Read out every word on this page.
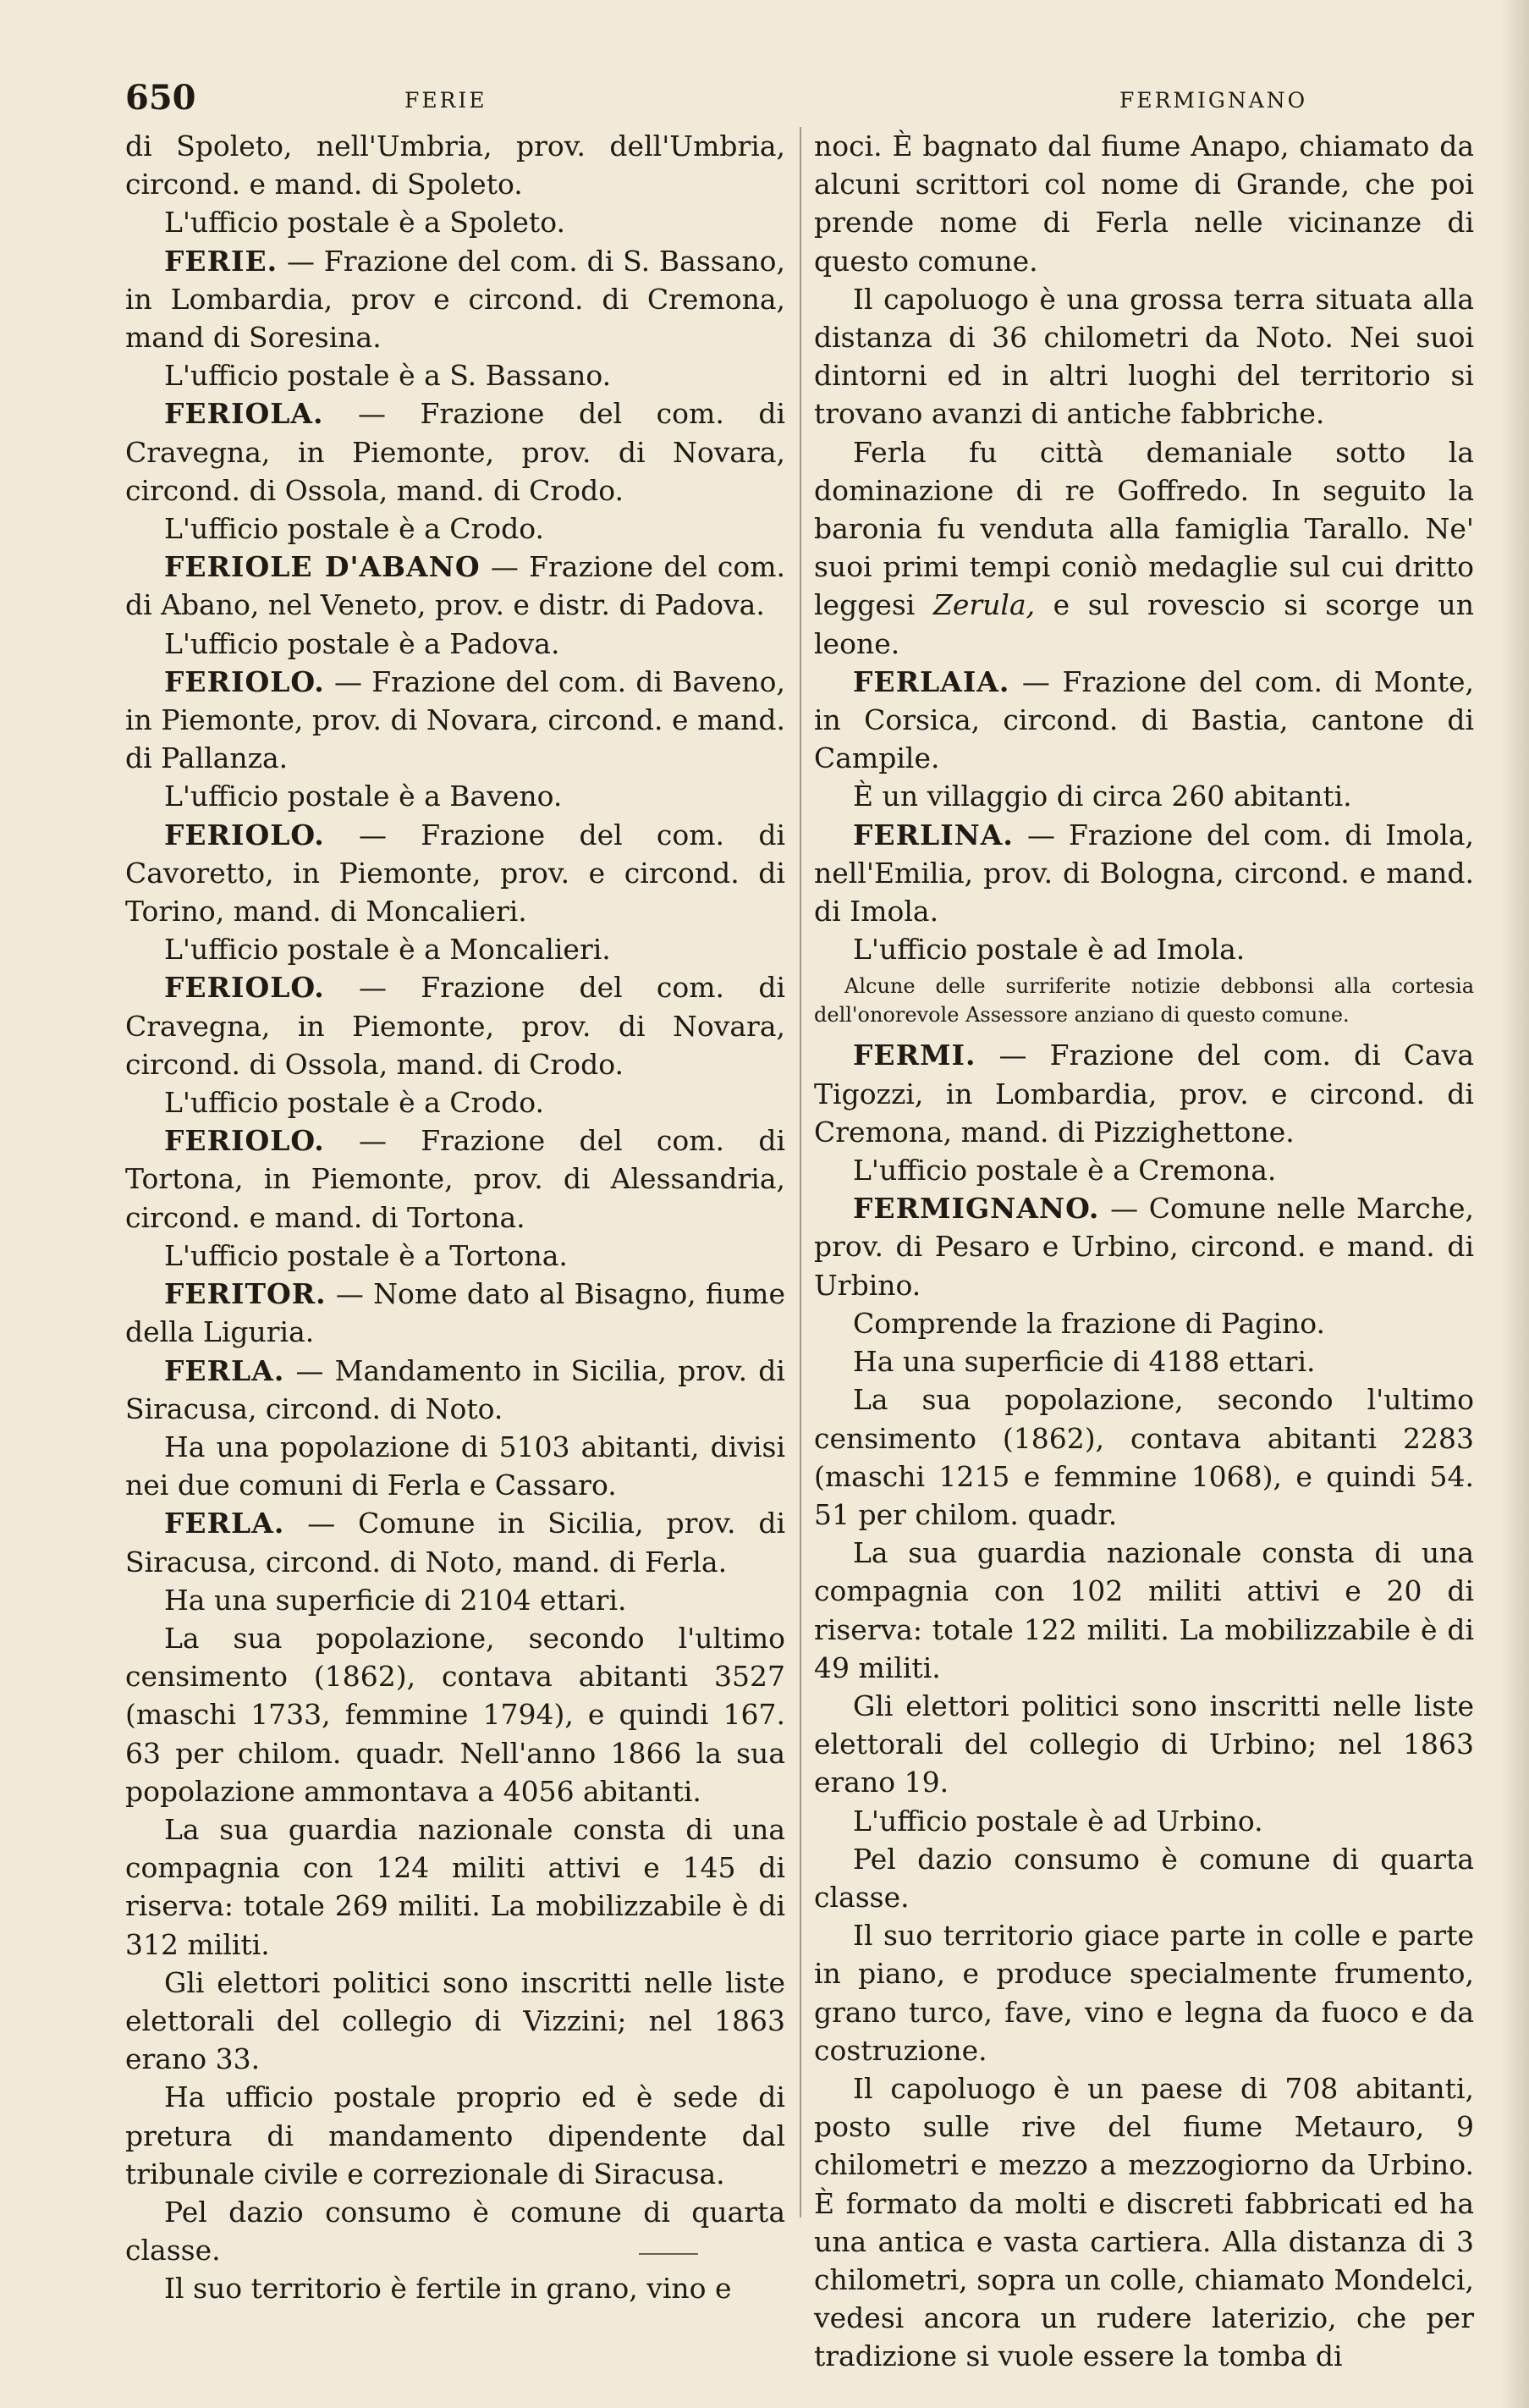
650	FERIE	FERMIGNANO

di Spoleto, nell'Umbria, prov. dell'Umbria, circond. e mand. di Spoleto.

L'ufficio postale è a Spoleto.

FERIE. — Frazione del com. di S. Bassano, in Lombardia, prov e circond. di Cremona, mand di Soresina.

L'ufficio postale è a S. Bassano.

FERIOLA. — Frazione del com. di Cravegna, in Piemonte, prov. di Novara, circond. di Ossola, mand. di Crodo.

L'ufficio postale è a Crodo.

FERIOLE D'ABANO — Frazione del com. di Abano, nel Veneto, prov. e distr. di Padova.

L'ufficio postale è a Padova.

FERIOLO. — Frazione del com. di Baveno, in Piemonte, prov. di Novara, circond. e mand. di Pallanza.

L'ufficio postale è a Baveno.

FERIOLO. — Frazione del com. di Cavoretto, in Piemonte, prov. e circond. di Torino, mand. di Moncalieri.

L'ufficio postale è a Moncalieri.

FERIOLO. — Frazione del com. di Cravegna, in Piemonte, prov. di Novara, circond. di Ossola, mand. di Crodo.

L'ufficio postale è a Crodo.

FERIOLO. — Frazione del com. di Tortona, in Piemonte, prov. di Alessandria, circond. e mand. di Tortona.

L'ufficio postale è a Tortona.

FERITOR. — Nome dato al Bisagno, fiume della Liguria.

FERLA. — Mandamento in Sicilia, prov. di Siracusa, circond. di Noto.

Ha una popolazione di 5103 abitanti, divisi nei due comuni di Ferla e Cassaro.

FERLA. — Comune in Sicilia, prov. di Siracusa, circond. di Noto, mand. di Ferla.

Ha una superficie di 2104 ettari.

La sua popolazione, secondo l'ultimo censimento (1862), contava abitanti 3527 (maschi 1733, femmine 1794), e quindi 167. 63 per chilom. quadr. Nell'anno 1866 la sua popolazione ammontava a 4056 abitanti.

La sua guardia nazionale consta di una compagnia con 124 militi attivi e 145 di riserva: totale 269 militi. La mobilizzabile è di 312 militi.

Gli elettori politici sono inscritti nelle liste elettorali del collegio di Vizzini; nel 1863 erano 33.

Ha ufficio postale proprio ed è sede di pretura di mandamento dipendente dal tribunale civile e correzionale di Siracusa.

Pel dazio consumo è comune di quarta classe.

Il suo territorio è fertile in grano, vino e

noci. È bagnato dal fiume Anapo, chiamato da alcuni scrittori col nome di Grande, che poi prende nome di Ferla nelle vicinanze di questo comune.

Il capoluogo è una grossa terra situata alla distanza di 36 chilometri da Noto. Nei suoi dintorni ed in altri luoghi del territorio si trovano avanzi di antiche fabbriche.

Ferla fu città demaniale sotto la dominazione di re Goffredo. In seguito la baronia fu venduta alla famiglia Tarallo. Ne' suoi primi tempi coniò medaglie sul cui dritto leggesi Zerula, e sul rovescio si scorge un leone.

FERLAIA. — Frazione del com. di Monte, in Corsica, circond. di Bastia, cantone di Campile.

È un villaggio di circa 260 abitanti.

FERLINA. — Frazione del com. di Imola, nell'Emilia, prov. di Bologna, circond. e mand. di Imola.

L'ufficio postale è ad Imola.

Alcune delle surriferite notizie debbonsi alla cortesia dell'onorevole Assessore anziano di questo comune.

FERMI. — Frazione del com. di Cava Tigozzi, in Lombardia, prov. e circond. di Cremona, mand. di Pizzighettone.

L'ufficio postale è a Cremona.

FERMIGNANO. — Comune nelle Marche, prov. di Pesaro e Urbino, circond. e mand. di Urbino.

Comprende la frazione di Pagino.

Ha una superficie di 4188 ettari.

La sua popolazione, secondo l'ultimo censimento (1862), contava abitanti 2283 (maschi 1215 e femmine 1068), e quindi 54. 51 per chilom. quadr.

La sua guardia nazionale consta di una compagnia con 102 militi attivi e 20 di riserva: totale 122 militi. La mobilizzabile è di 49 militi.

Gli elettori politici sono inscritti nelle liste elettorali del collegio di Urbino; nel 1863 erano 19.

L'ufficio postale è ad Urbino.

Pel dazio consumo è comune di quarta classe.

Il suo territorio giace parte in colle e parte in piano, e produce specialmente frumento, grano turco, fave, vino e legna da fuoco e da costruzione.

Il capoluogo è un paese di 708 abitanti, posto sulle rive del fiume Metauro, 9 chilometri e mezzo a mezzogiorno da Urbino. È formato da molti e discreti fabbricati ed ha una antica e vasta cartiera. Alla distanza di 3 chilometri, sopra un colle, chiamato Mondelci, vedesi ancora un rudere laterizio, che per tradizione si vuole essere la tomba di
